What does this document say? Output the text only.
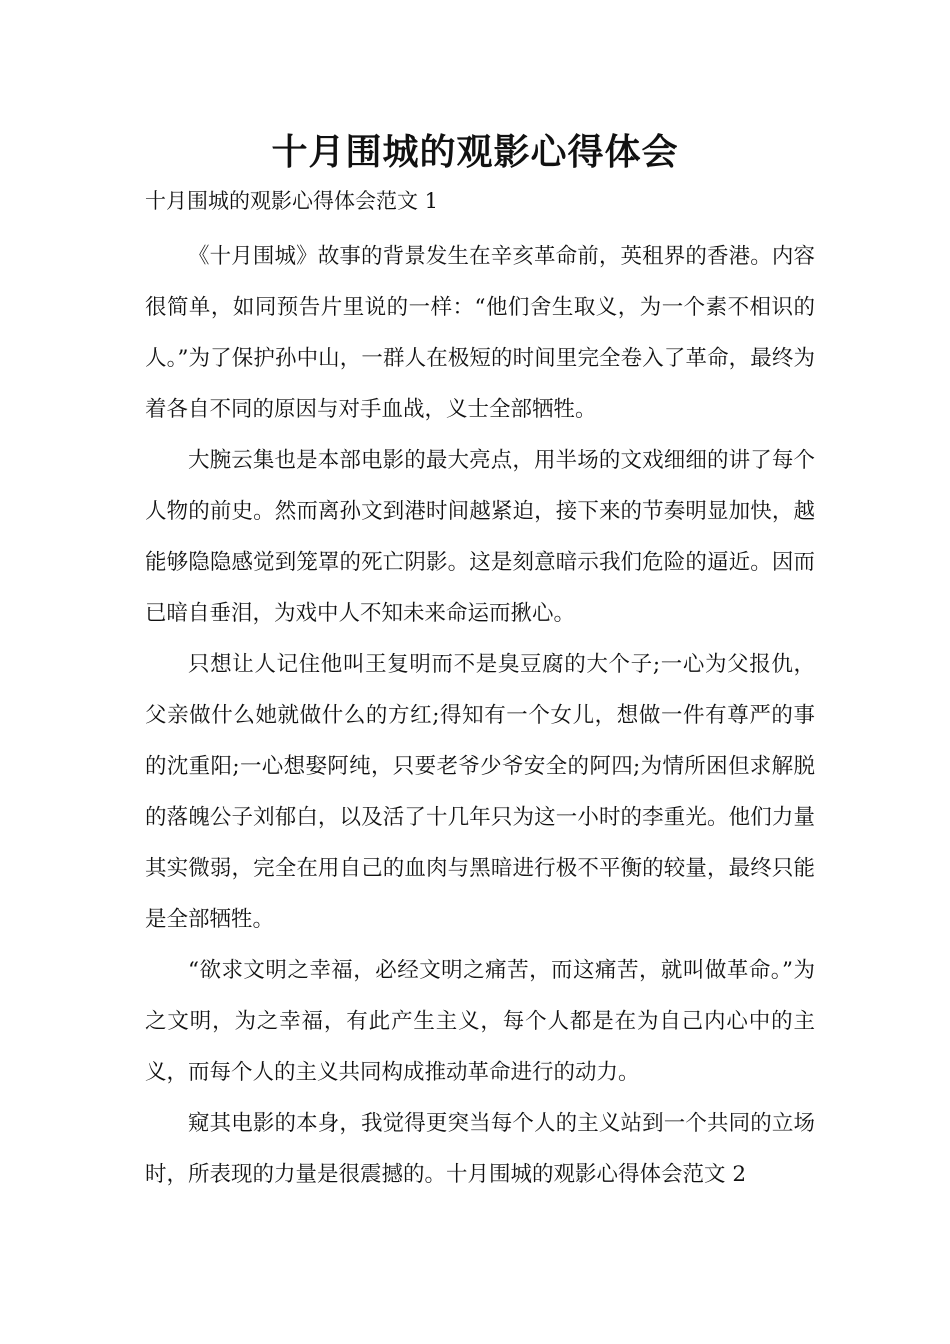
十月围城的观影心得体会

十月围城的观影心得体会范文 1

《十月围城》故事的背景发生在辛亥革命前，英租界的香港。内容很简单，如同预告片里说的一样：“他们舍生取义，为一个素不相识的人。”为了保护孙中山，一群人在极短的时间里完全卷入了革命，最终为着各自不同的原因与对手血战，义士全部牺牲。

大腕云集也是本部电影的最大亮点，用半场的文戏细细的讲了每个人物的前史。然而离孙文到港时间越紧迫，接下来的节奏明显加快，越能够隐隐感觉到笼罩的死亡阴影。这是刻意暗示我们危险的逼近。因而已暗自垂泪，为戏中人不知未来命运而揪心。

只想让人记住他叫王复明而不是臭豆腐的大个子;一心为父报仇，父亲做什么她就做什么的方红;得知有一个女儿，想做一件有尊严的事的沈重阳;一心想娶阿纯，只要老爷少爷安全的阿四;为情所困但求解脱的落魄公子刘郁白，以及活了十几年只为这一小时的李重光。他们力量其实微弱，完全在用自己的血肉与黑暗进行极不平衡的较量，最终只能是全部牺牲。

“欲求文明之幸福，必经文明之痛苦，而这痛苦，就叫做革命。”为之文明，为之幸福，有此产生主义，每个人都是在为自己内心中的主义，而每个人的主义共同构成推动革命进行的动力。

窥其电影的本身，我觉得更突当每个人的主义站到一个共同的立场时，所表现的力量是很震撼的。十月围城的观影心得体会范文 2
